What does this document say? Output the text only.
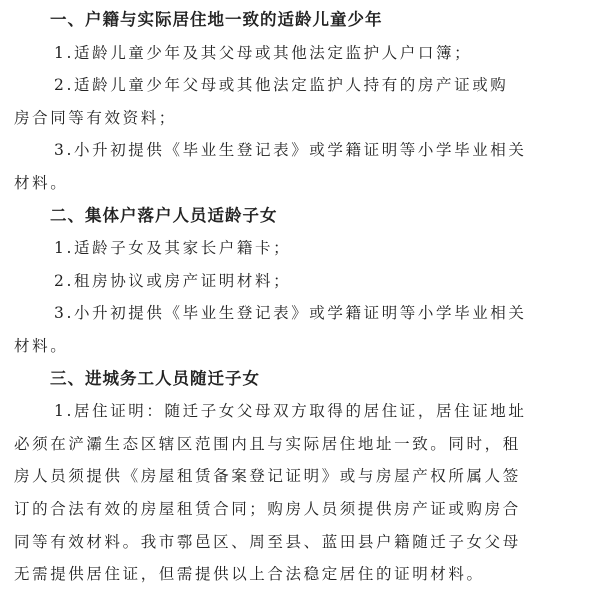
一、户籍与实际居住地一致的适龄儿童少年
1.适龄儿童少年及其父母或其他法定监护人户口簿；
2.适龄儿童少年父母或其他法定监护人持有的房产证或购
房合同等有效资料；
3.小升初提供《毕业生登记表》或学籍证明等小学毕业相关
材料。
二、集体户落户人员适龄子女
1.适龄子女及其家长户籍卡；
2.租房协议或房产证明材料；
3.小升初提供《毕业生登记表》或学籍证明等小学毕业相关
材料。
三、进城务工人员随迁子女
1.居住证明：随迁子女父母双方取得的居住证，居住证地址
必须在浐灞生态区辖区范围内且与实际居住地址一致。同时，租
房人员须提供《房屋租赁备案登记证明》或与房屋产权所属人签
订的合法有效的房屋租赁合同；购房人员须提供房产证或购房合
同等有效材料。我市鄠邑区、周至县、蓝田县户籍随迁子女父母
无需提供居住证，但需提供以上合法稳定居住的证明材料。
